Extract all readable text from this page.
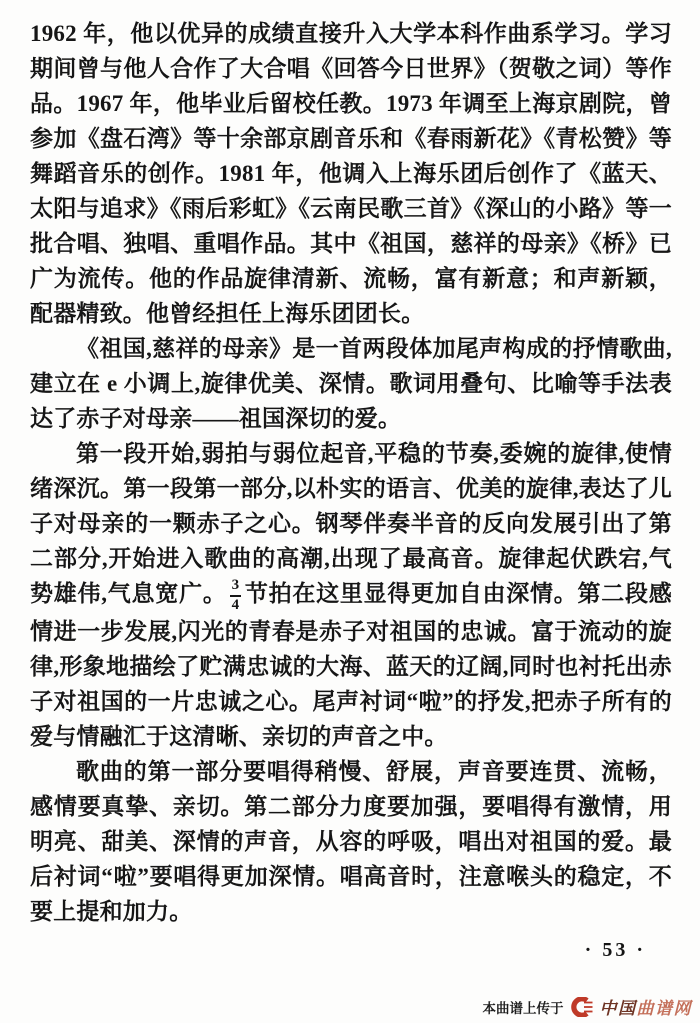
1962 年，他以优异的成绩直接升入大学本科作曲系学习。学习期间曾与他人合作了大合唱《回答今日世界》（贺敬之词）等作品。1967 年，他毕业后留校任教。1973 年调至上海京剧院，曾参加《盘石湾》等十余部京剧音乐和《春雨新花》《青松赞》等舞蹈音乐的创作。1981 年，他调入上海乐团后创作了《蓝天、太阳与追求》《雨后彩虹》《云南民歌三首》《深山的小路》等一批合唱、独唱、重唱作品。其中《祖国，慈祥的母亲》《桥》已广为流传。他的作品旋律清新、流畅，富有新意；和声新颖，配器精致。他曾经担任上海乐团团长。

《祖国,慈祥的母亲》是一首两段体加尾声构成的抒情歌曲,建立在 e 小调上,旋律优美、深情。歌词用叠句、比喻等手法表达了赤子对母亲——祖国深切的爱。

第一段开始,弱拍与弱位起音,平稳的节奏,委婉的旋律,使情绪深沉。第一段第一部分,以朴实的语言、优美的旋律,表达了儿子对母亲的一颗赤子之心。钢琴伴奏半音的反向发展引出了第二部分,开始进入歌曲的高潮,出现了最高音。旋律起伏跌宕,气势雄伟,气息宽广。 $\frac{3}{4}$ 节拍在这里显得更加自由深情。第二段感情进一步发展,闪光的青春是赤子对祖国的忠诚。富于流动的旋律,形象地描绘了贮满忠诚的大海、蓝天的辽阔,同时也衬托出赤子对祖国的一片忠诚之心。尾声衬词“啦”的抒发,把赤子所有的爱与情融汇于这清晰、亲切的声音之中。

歌曲的第一部分要唱得稍慢、舒展，声音要连贯、流畅，感情要真挚、亲切。第二部分力度要加强，要唱得有激情，用明亮、甜美、深情的声音，从容的呼吸，唱出对祖国的爱。最后衬词“啦”要唱得更加深情。唱高音时，注意喉头的稳定，不要上提和加力。

· 53 ·
本曲谱上传于 中国曲谱网
